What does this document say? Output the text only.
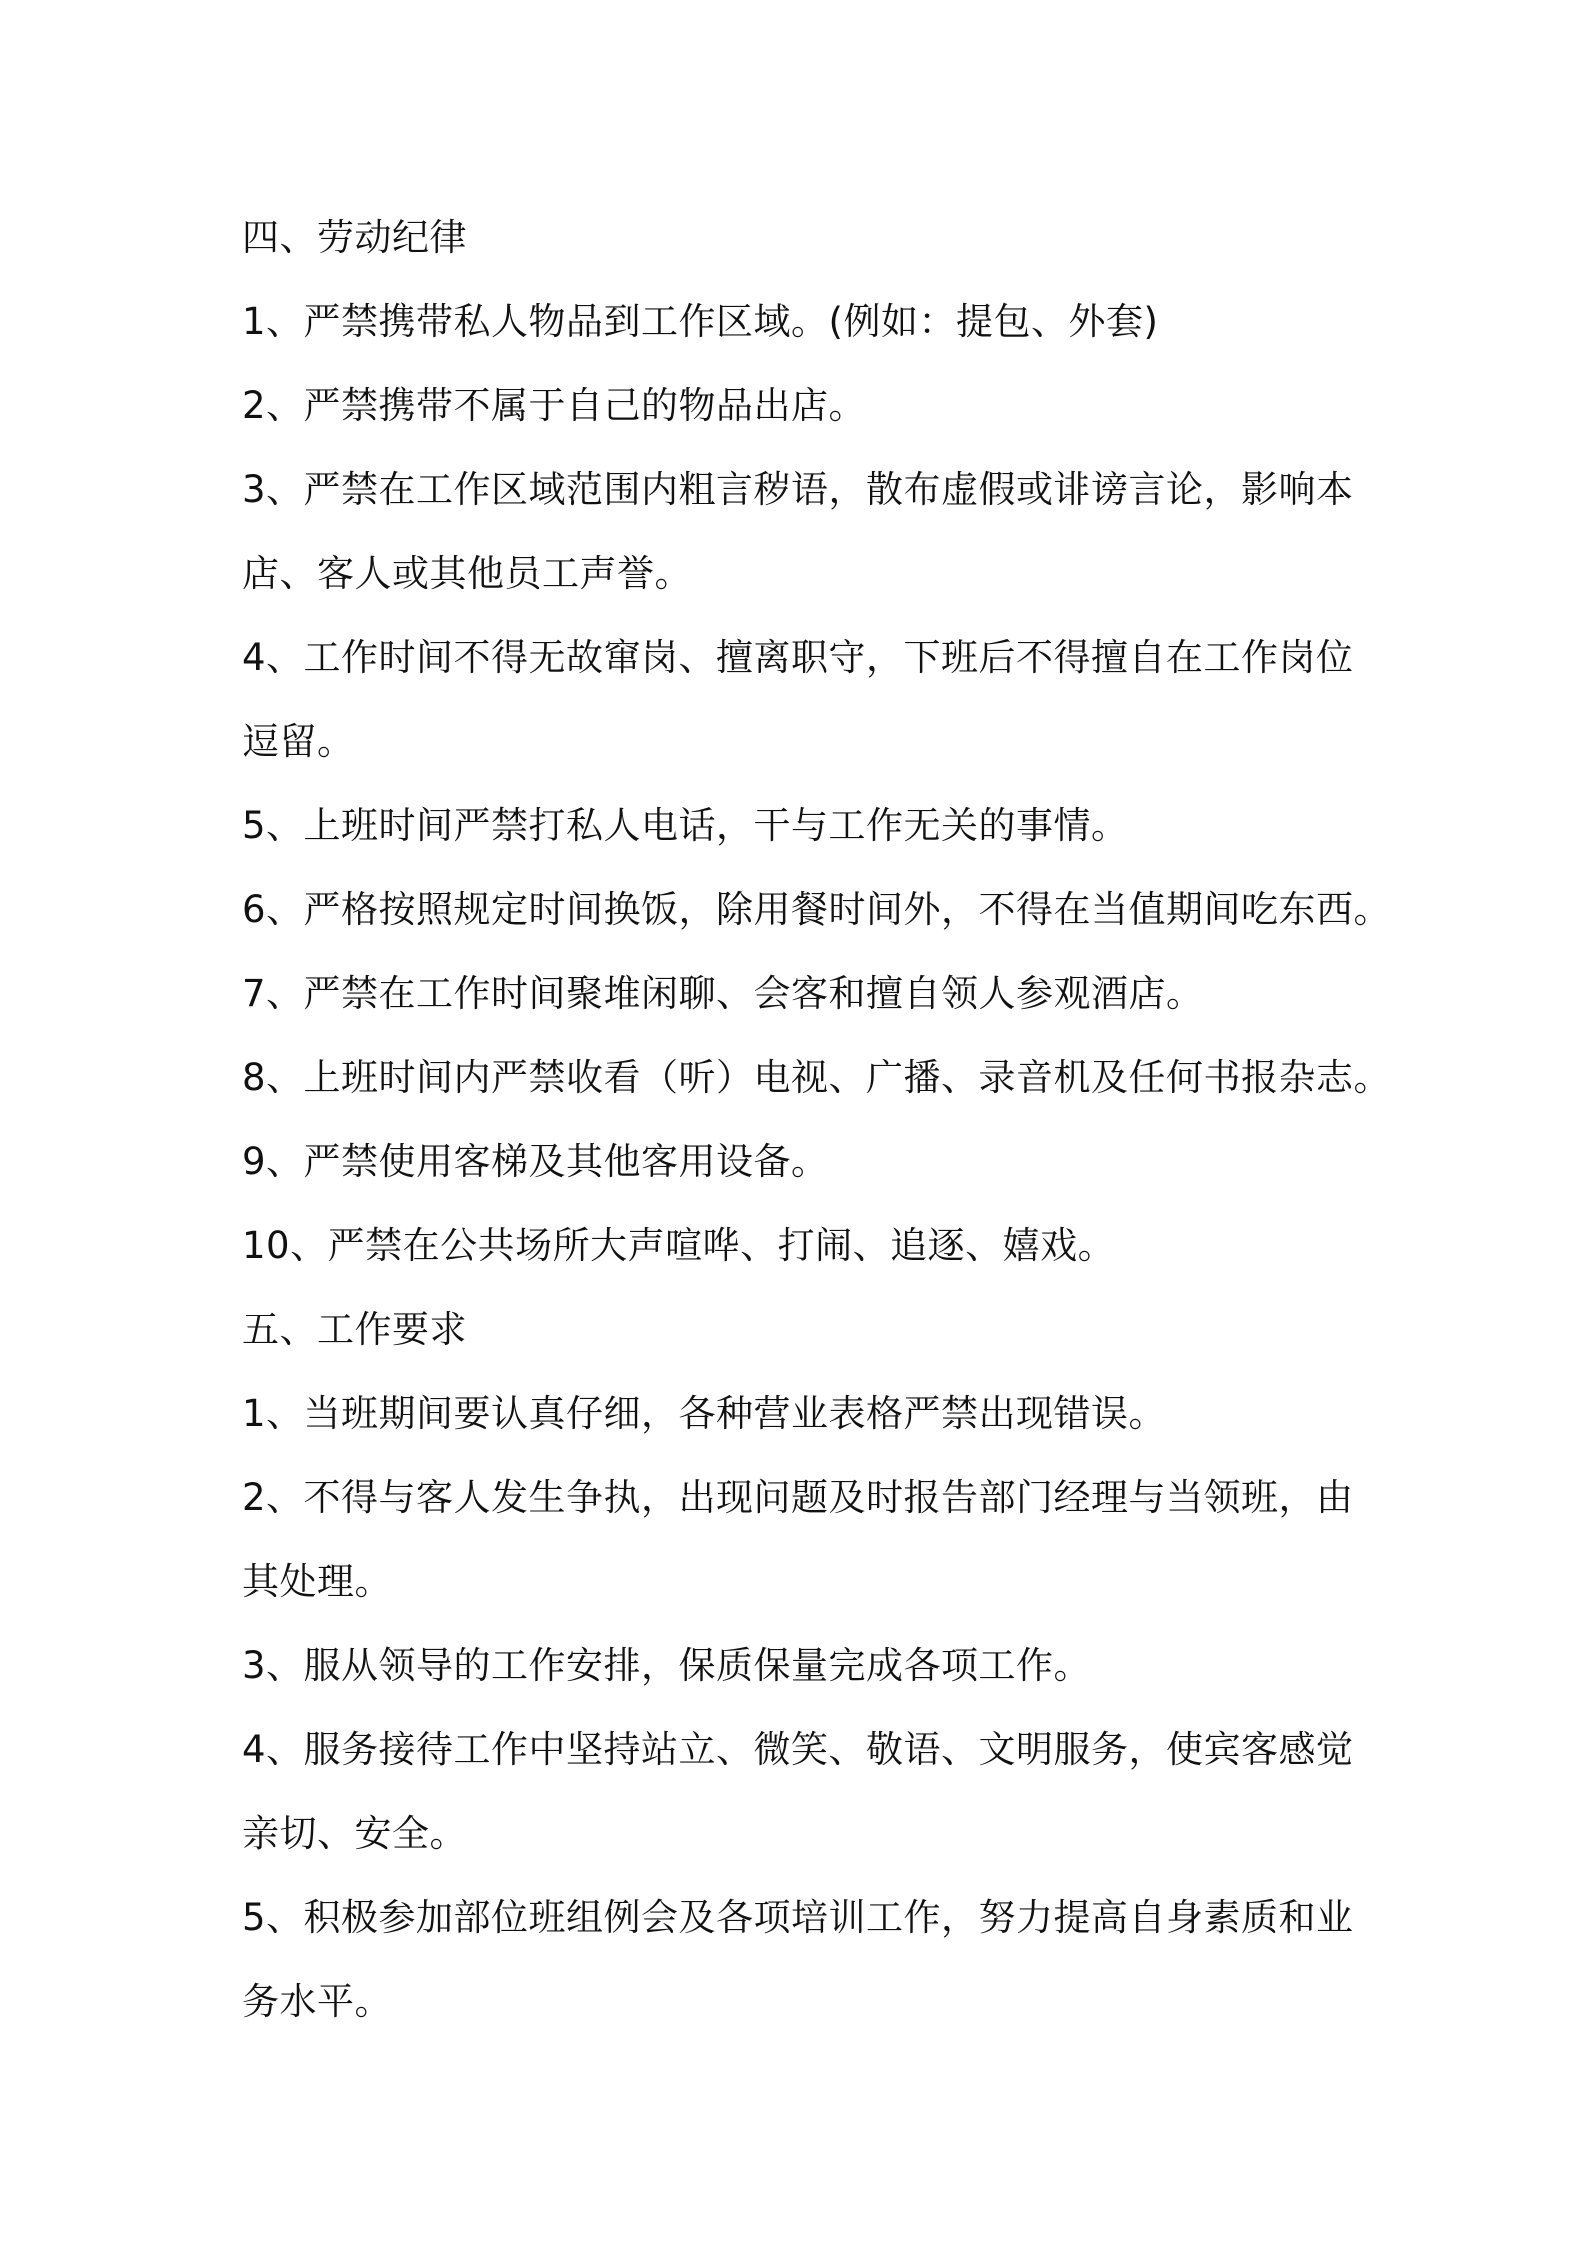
四、劳动纪律
1、严禁携带私人物品到工作区域。(例如：提包、外套)
2、严禁携带不属于自己的物品出店。
3、严禁在工作区域范围内粗言秽语，散布虚假或诽谤言论，影响本
店、客人或其他员工声誉。
4、工作时间不得无故窜岗、擅离职守，下班后不得擅自在工作岗位
逗留。
5、上班时间严禁打私人电话，干与工作无关的事情。
6、严格按照规定时间换饭，除用餐时间外，不得在当值期间吃东西。
7、严禁在工作时间聚堆闲聊、会客和擅自领人参观酒店。
8、上班时间内严禁收看（听）电视、广播、录音机及任何书报杂志。
9、严禁使用客梯及其他客用设备。
10、严禁在公共场所大声喧哗、打闹、追逐、嬉戏。
五、工作要求
1、当班期间要认真仔细，各种营业表格严禁出现错误。
2、不得与客人发生争执，出现问题及时报告部门经理与当领班，由
其处理。
3、服从领导的工作安排，保质保量完成各项工作。
4、服务接待工作中坚持站立、微笑、敬语、文明服务，使宾客感觉
亲切、安全。
5、积极参加部位班组例会及各项培训工作，努力提高自身素质和业
务水平。
